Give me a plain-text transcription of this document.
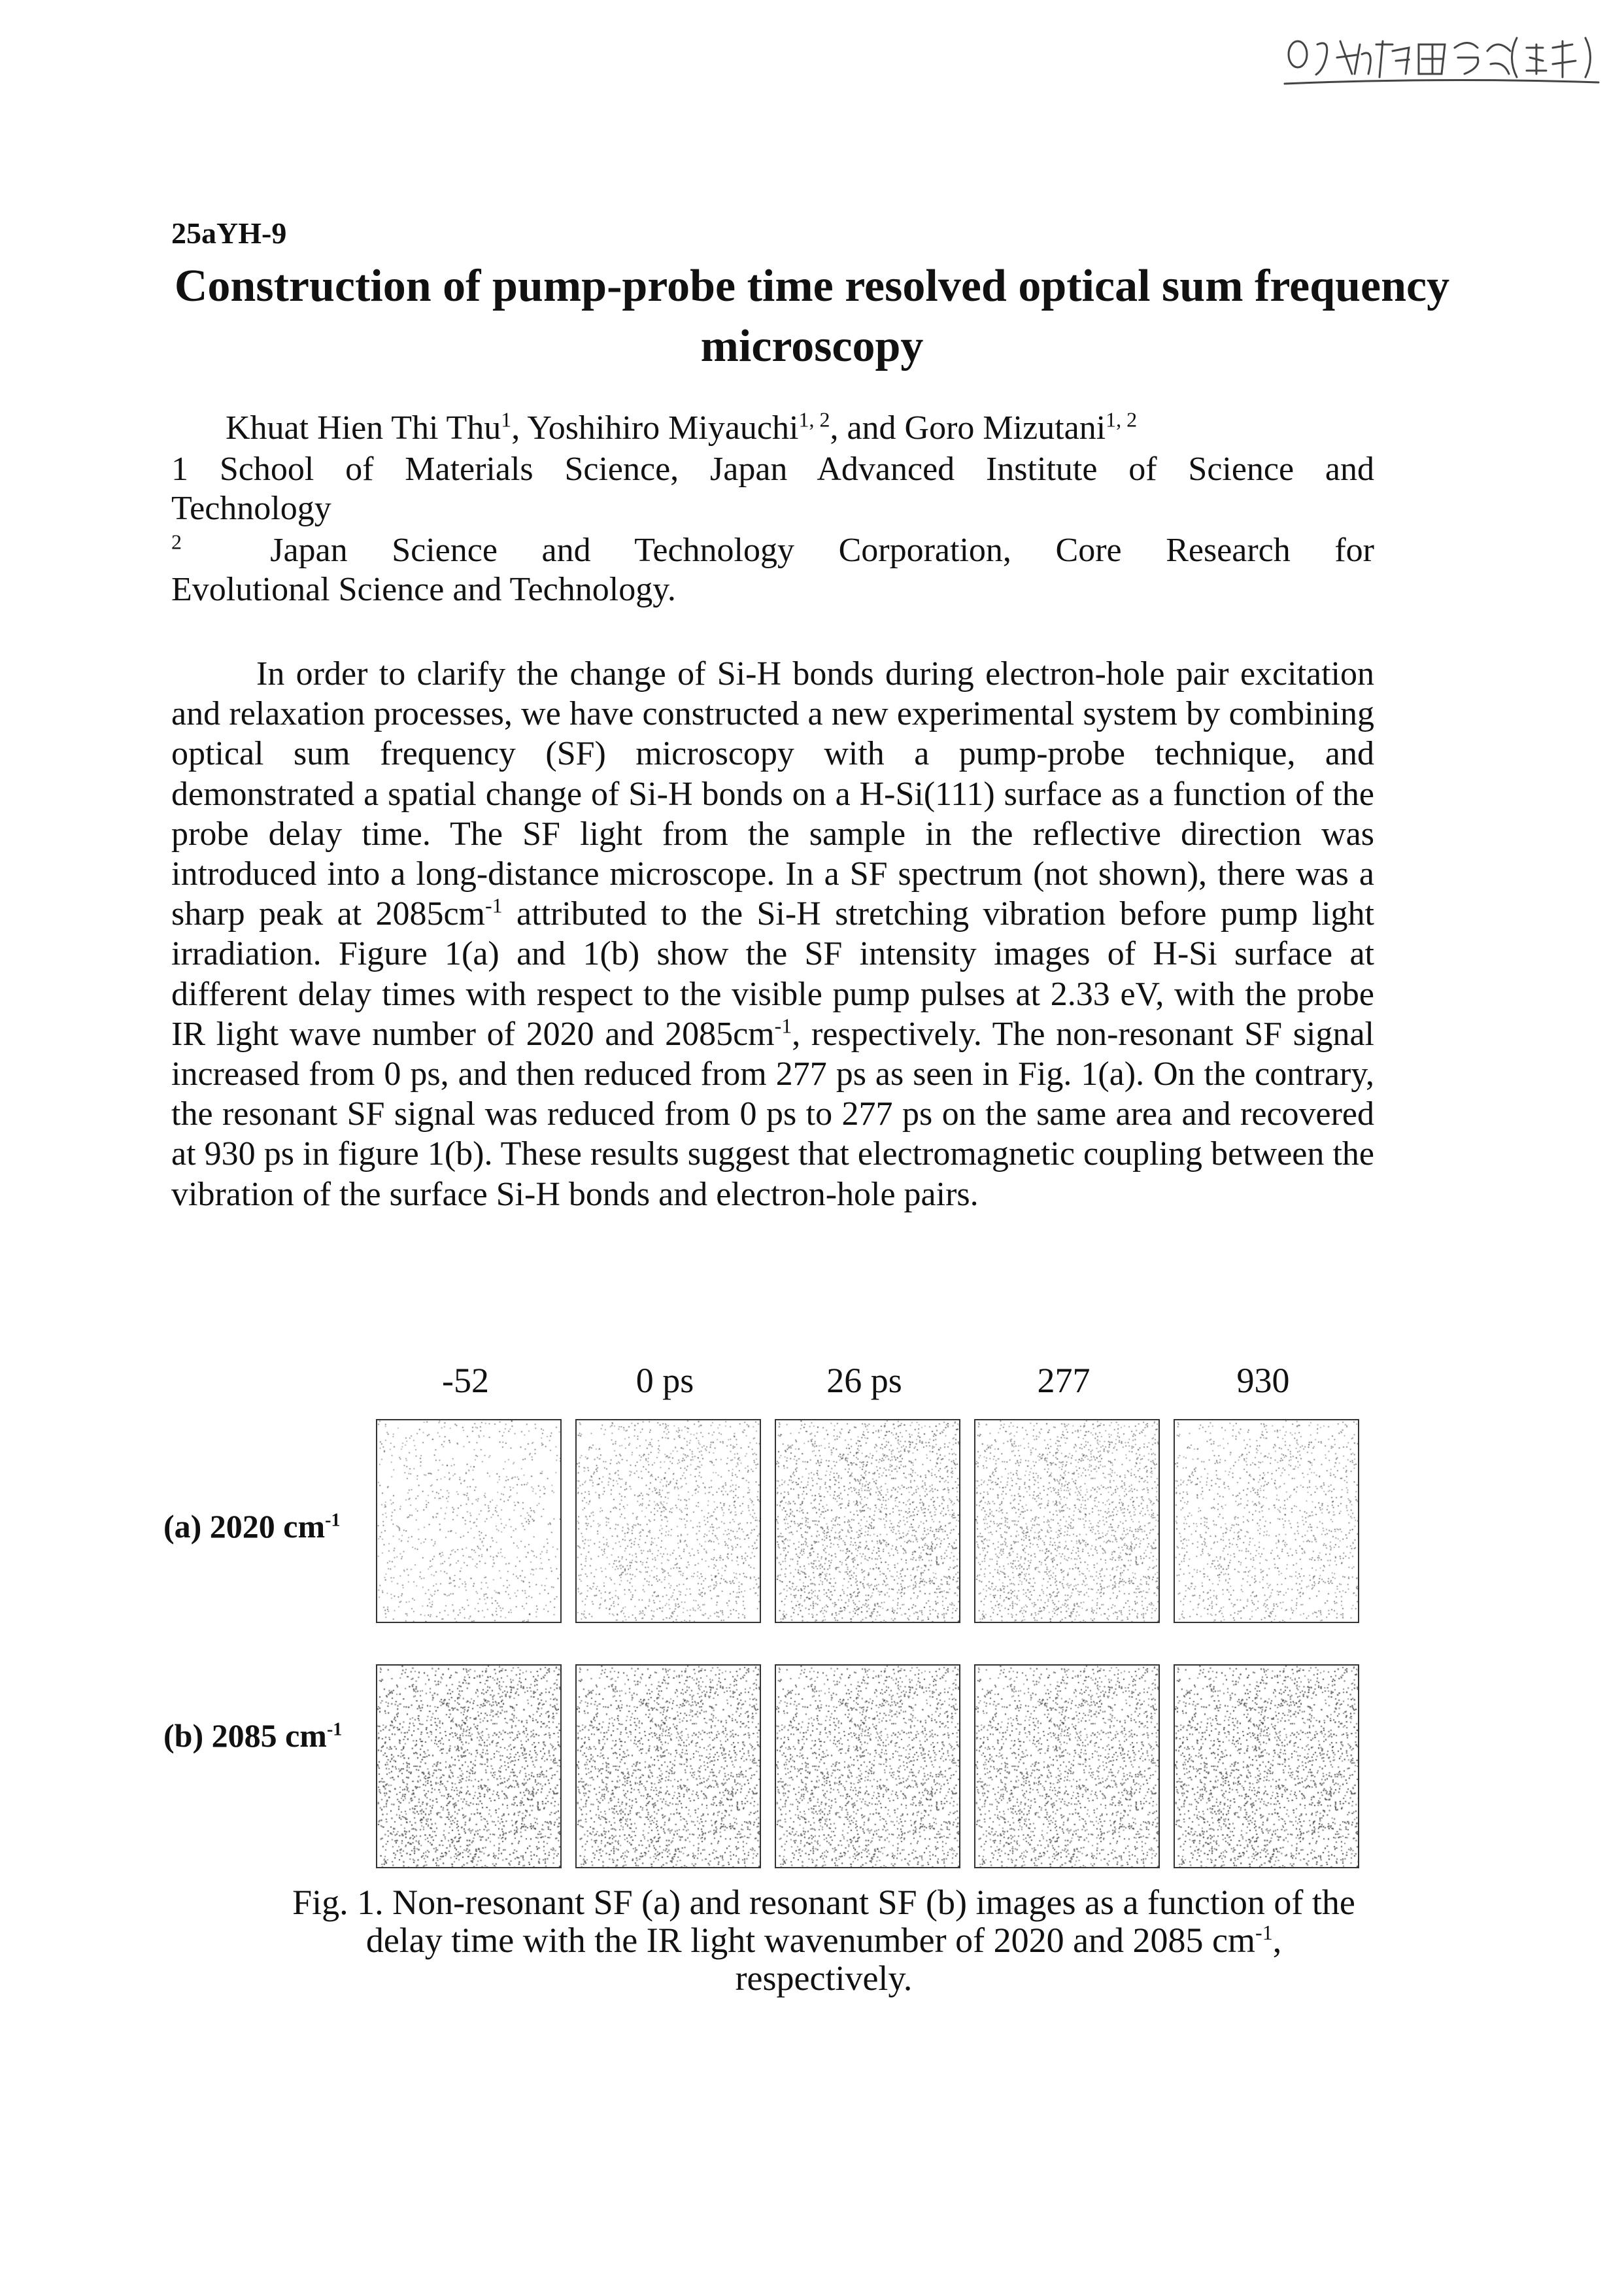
25aYH-9
Construction of pump-probe time resolved optical sum frequency microscopy
Khuat Hien Thi Thu$^1$, Yoshihiro Miyauchi$^{1, 2}$, and Goro Mizutani$^{1, 2}$
1 School of Materials Science, Japan Advanced Institute of Science and
Technology
$^2$	Japan Science and Technology Corporation, Core Research for
Evolutional Science and Technology.

In order to clarify the change of Si-H bonds during electron-hole pair excitation and relaxation processes, we have constructed a new experimental system by combining optical sum frequency (SF) microscopy with a pump-probe technique, and demonstrated a spatial change of Si-H bonds on a H-Si(111) surface as a function of the probe delay time. The SF light from the sample in the reflective direction was introduced into a long-distance microscope. In a SF spectrum (not shown), there was a sharp peak at $2085cm^{-1}$ attributed to the Si-H stretching vibration before pump light irradiation. Figure 1(a) and 1(b) show the SF intensity images of H-Si surface at different delay times with respect to the visible pump pulses at 2.33 eV, with the probe IR light wave number of 2020 and $2085cm^{-1}$, respectively. The non-resonant SF signal increased from 0 ps, and then reduced from 277 ps as seen in Fig. 1(a). On the contrary, the resonant SF signal was reduced from 0 ps to 277 ps on the same area and recovered at 930 ps in figure 1(b). These results suggest that electromagnetic coupling between the vibration of the surface Si-H bonds and electron-hole pairs.

-52	0 ps	26 ps	277	930
(a) 2020 $cm^{-1}$
(b) 2085 $cm^{-1}$
Fig. 1. Non-resonant SF (a) and resonant SF (b) images as a function of the delay time with the IR light wavenumber of 2020 and 2085 $cm^{-1}$, respectively.
